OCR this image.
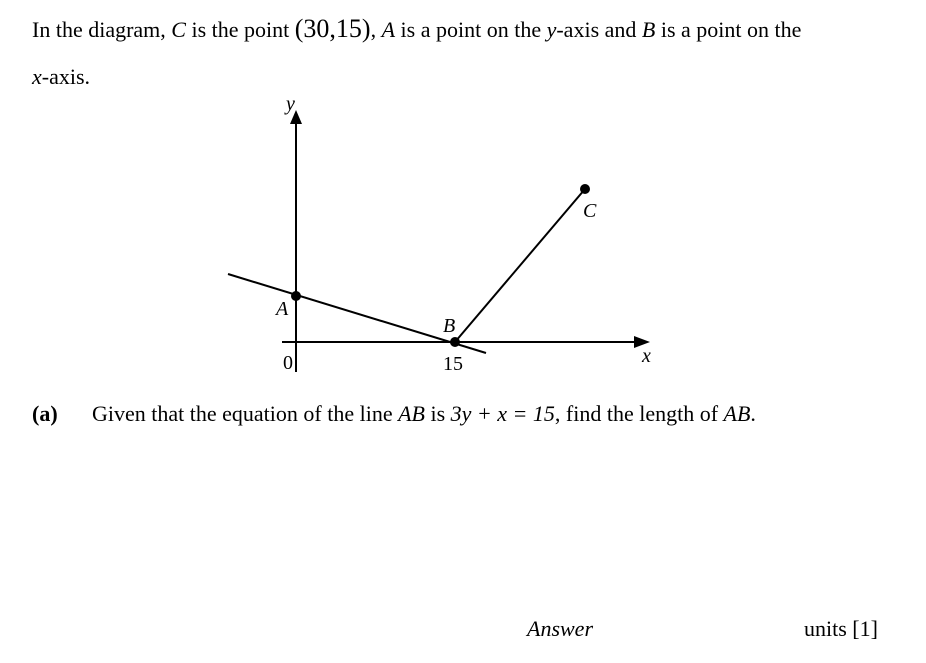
In the diagram, C is the point (30,15), A is a point on the y-axis and B is a point on the
x-axis.
y
x
A
B
C
0	15
(a) Given that the equation of the line AB is 3y + x = 15, find the length of AB.
Answer	units [1]
